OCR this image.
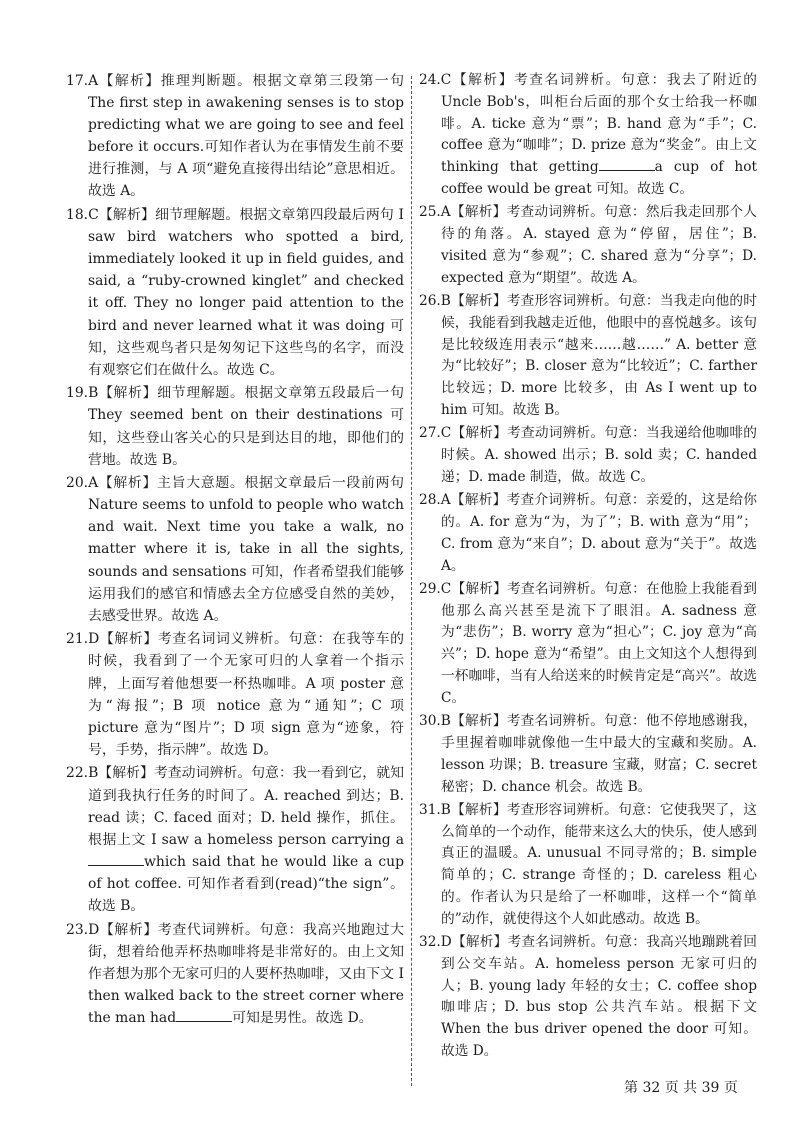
17.A【解析】推理判断题。根据文章第三段第一句 The first step in awakening senses is to stop predicting what we are going to see and feel before it occurs.可知作者认为在事情发生前不要进行推测，与 A 项“避免直接得出结论”意思相近。故选 A。

18.C【解析】细节理解题。根据文章第四段最后两句 I saw bird watchers who spotted a bird, immediately looked it up in field guides, and said, a “ruby-crowned kinglet” and checked it off. They no longer paid attention to the bird and never learned what it was doing 可知，这些观鸟者只是匆匆记下这些鸟的名字，而没有观察它们在做什么。故选 C。

19.B【解析】细节理解题。根据文章第五段最后一句 They seemed bent on their destinations 可知，这些登山客关心的只是到达目的地，即他们的营地。故选 B。

20.A【解析】主旨大意题。根据文章最后一段前两句 Nature seems to unfold to people who watch and wait. Next time you take a walk, no matter where it is, take in all the sights, sounds and sensations 可知，作者希望我们能够运用我们的感官和情感去全方位感受自然的美妙，去感受世界。故选 A。

21.D【解析】考查名词词义辨析。句意：在我等车的时候，我看到了一个无家可归的人拿着一个指示牌，上面写着他想要一杯热咖啡。A 项 poster 意为“海报”；B 项 notice 意为“通知”；C 项 picture 意为“图片”；D 项 sign 意为“迹象，符号，手势，指示牌”。故选 D。

22.B【解析】考查动词辨析。句意：我一看到它，就知道到我执行任务的时间了。A. reached 到达；B. read 读；C. faced 面对；D. held 操作，抓住。根据上文 I saw a homeless person carrying awhich said that he would like a cup of hot coffee. 可知作者看到(read)“the sign”。故选 B。

23.D【解析】考查代词辨析。句意：我高兴地跑过大街，想着给他弄杯热咖啡将是非常好的。由上文知作者想为那个无家可归的人要杯热咖啡，又由下文 I then walked back to the street corner where the man had	可知是男性。故选 D。

24.C【解析】考查名词辨析。句意：我去了附近的 Uncle Bob's，叫柜台后面的那个女士给我一杯咖啡。A. ticke 意为“票”；B. hand 意为“手”；C. coffee 意为“咖啡”；D. prize 意为“奖金”。由上文 thinking that getting	a cup of hot coffee would be great 可知。故选 C。

25.A【解析】考查动词辨析。句意：然后我走回那个人待的角落。A. stayed 意为“停留，居住”；B. visited 意为“参观”；C. shared 意为“分享”；D. expected 意为“期望”。故选 A。

26.B【解析】考查形容词辨析。句意：当我走向他的时候，我能看到我越走近他，他眼中的喜悦越多。该句是比较级连用表示“越来……越……” A. better 意为“比较好”；B. closer 意为“比较近”；C. farther 比较远；D. more 比较多，由 As I went up to him 可知。故选 B。

27.C【解析】考查动词辨析。句意：当我递给他咖啡的时候。A. showed 出示；B. sold 卖；C. handed 递；D. made 制造，做。故选 C。

28.A【解析】考查介词辨析。句意：亲爱的，这是给你的。A. for 意为“为，为了”；B. with 意为“用”；C. from 意为“来自”；D. about 意为“关于”。故选 A。

29.C【解析】考查名词辨析。句意：在他脸上我能看到他那么高兴甚至是流下了眼泪。A. sadness 意为“悲伤”；B. worry 意为“担心”；C. joy 意为“高兴”；D. hope 意为“希望”。由上文知这个人想得到一杯咖啡，当有人给送来的时候肯定是“高兴”。故选 C。

30.B【解析】考查名词辨析。句意：他不停地感谢我，手里握着咖啡就像他一生中最大的宝藏和奖励。A. lesson 功课；B. treasure 宝藏，财富；C. secret 秘密；D. chance 机会。故选 B。

31.B【解析】考查形容词辨析。句意：它使我哭了，这么简单的一个动作，能带来这么大的快乐，使人感到真正的温暖。A. unusual 不同寻常的；B. simple 简单的；C. strange 奇怪的；D. careless 粗心的。作者认为只是给了一杯咖啡，这样一个“简单的”动作，就使得这个人如此感动。故选 B。

32.D【解析】考查名词辨析。句意：我高兴地蹦跳着回到公交车站。A. homeless person 无家可归的人；B. young lady 年轻的女士；C. coffee shop 咖啡店；D. bus stop 公共汽车站。根据下文 When the bus driver opened the door 可知。故选 D。

第 32 页 共 39 页
